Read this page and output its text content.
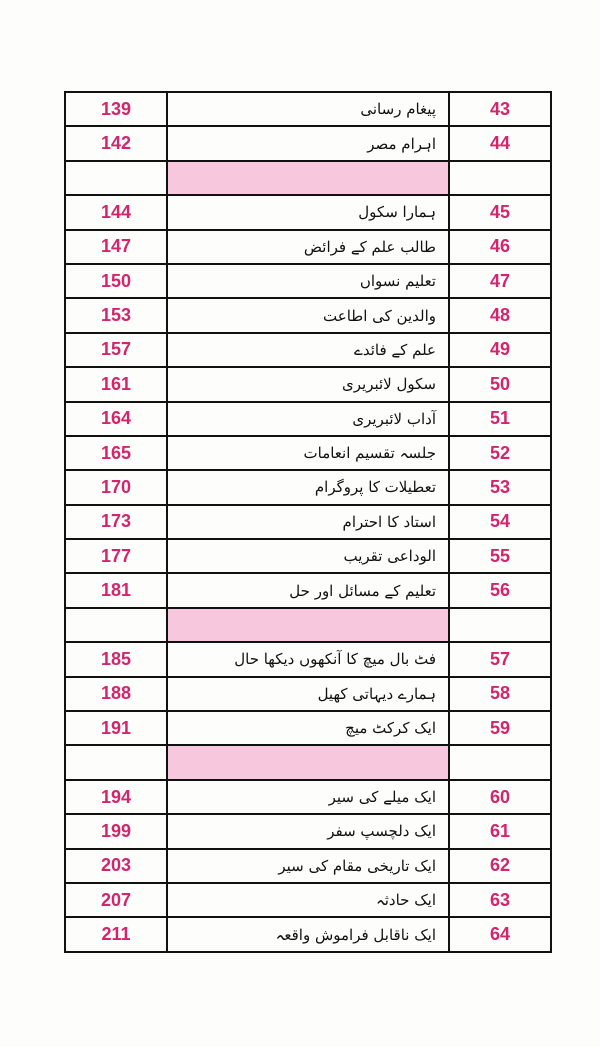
139	پیغام رسانی	43
142	اہرام مصر	44

144	ہمارا سکول	45
147	طالب علم کے فرائض	46
150	تعلیم نسواں	47
153	والدین کی اطاعت	48
157	علم کے فائدے	49
161	سکول لائبریری	50
164	آداب لائبریری	51
165	جلسہ تقسیم انعامات	52
170	تعطیلات کا پروگرام	53
173	استاد کا احترام	54
177	الوداعی تقریب	55
181	تعلیم کے مسائل اور حل	56

185	فٹ بال میچ کا آنکھوں دیکھا حال	57
188	ہمارے دیہاتی کھیل	58
191	ایک کرکٹ میچ	59

194	ایک میلے کی سیر	60
199	ایک دلچسپ سفر	61
203	ایک تاریخی مقام کی سیر	62
207	ایک حادثہ	63
211	ایک ناقابل فراموش واقعہ	64
